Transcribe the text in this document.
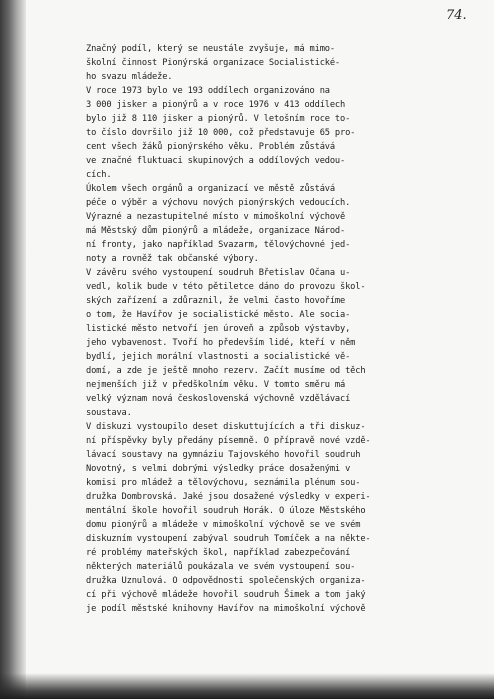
74.
Značný podíl, který se neustále zvyšuje, má mimo-
školní činnost Pionýrská organizace Socialistické-
ho svazu mládeže.
V roce 1973 bylo ve 193 oddílech organizováno na
3 000 jisker a pionýrů a v roce 1976 v 413 oddílech
bylo již 8 110 jisker a pionýrů. V letošním roce to-
to číslo dovršilo již 10 000, což představuje 65 pro-
cent všech žáků pionýrského věku. Problém zůstává
ve značné fluktuaci skupinových a oddílových vedou-
cích.
Úkolem všech orgánů a organizací ve městě zůstává
péče o výběr a výchovu nových pionýrských vedoucích.
Výrazné a nezastupitelné místo v mimoškolní výchově
má Městský dům pionýrů a mládeže, organizace Národ-
ní fronty, jako například Svazarm, tělovýchovné jed-
noty a rovněž tak občanské výbory.
V závěru svého vystoupení soudruh Břetislav Očana u-
vedl, kolik bude v této pětiletce dáno do provozu škol-
ských zařízení a zdůraznil, že velmi často hovoříme
o tom, že Havířov je socialistické město. Ale socia-
listické město netvoří jen úroveň a způsob výstavby,
jeho vybavenost. Tvoří ho především lidé, kteří v něm
bydlí, jejich morální vlastnosti a socialistické vě-
domí, a zde je ještě mnoho rezerv. Začít musíme od těch
nejmenších již v předškolním věku. V tomto směru má
velký význam nová československá výchovně vzdělávací
soustava.
V diskuzi vystoupilo deset diskuttujících a tři diskuz-
ní příspěvky byly předány písemně. O přípravě nové vzdě-
lávací soustavy na gymnáziu Tajovského hovořil soudruh
Novotný, s velmi dobrými výsledky práce dosaženými v
komisi pro mládež a tělovýchovu, seznámila plénum sou-
družka Dombrovská. Jaké jsou dosažené výsledky v experi-
mentální škole hovořil soudruh Horák. O úloze Městského
domu pionýrů a mládeže v mimoškolní výchově se ve svém
diskuzním vystoupení zabýval soudruh Tomíček a na někte-
ré problémy mateřských škol, například zabezpečování
některých materiálů poukázala ve svém vystoupení sou-
družka Uznulová. O odpovědnosti společenských organiza-
cí při výchově mládeže hovořil soudruh Šimek a tom jaký
je podíl městské knihovny Havířov na mimoškolní výchově
